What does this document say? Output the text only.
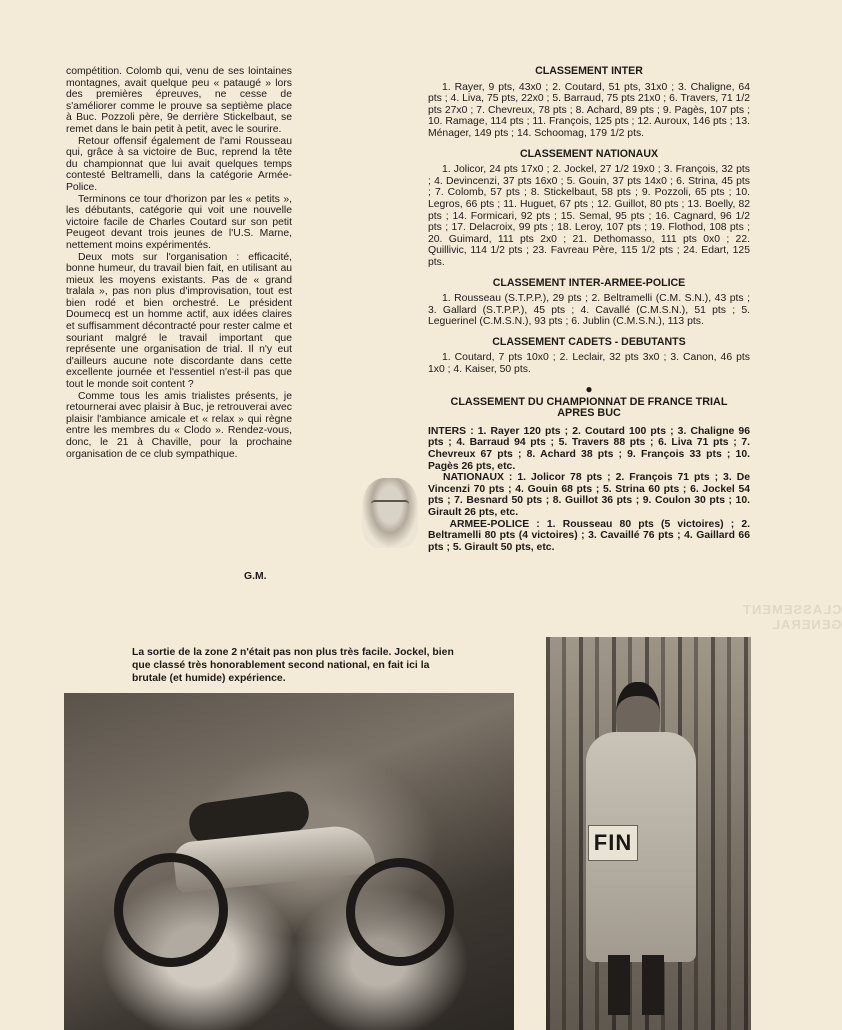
compétition. Colomb qui, venu de ses lointaines montagnes, avait quelque peu « pataugé » lors des premières épreuves, ne cesse de s'améliorer comme le prouve sa septième place à Buc. Pozzoli père, 9e derrière Stickelbaut, se remet dans le bain petit à petit, avec le sourire.

Retour offensif également de l'ami Rousseau qui, grâce à sa victoire de Buc, reprend la tête du championnat que lui avait quelques temps contesté Beltramelli, dans la catégorie Armée-Police.

Terminons ce tour d'horizon par les « petits », les débutants, catégorie qui voit une nouvelle victoire facile de Charles Coutard sur son petit Peugeot devant trois jeunes de l'U.S. Marne, nettement moins expérimentés.

Deux mots sur l'organisation : efficacité, bonne humeur, du travail bien fait, en utilisant au mieux les moyens existants. Pas de « grand tralala », pas non plus d'improvisation, tout est bien rodé et bien orchestré. Le président Doumecq est un homme actif, aux idées claires et suffisamment décontracté pour rester calme et souriant malgré le travail important que représente une organisation de trial. Il n'y eut d'ailleurs aucune note discordante dans cette excellente journée et l'essentiel n'est-il pas que tout le monde soit content ?

Comme tous les amis trialistes présents, je retournerai avec plaisir à Buc, je retrouverai avec plaisir l'ambiance amicale et « relax » qui règne entre les membres du « Clodo ». Rendez-vous, donc, le 21 à Chaville, pour la prochaine organisation de ce club sympathique.

G.M.
CLASSEMENT INTER
1. Rayer, 9 pts, 43x0 ; 2. Coutard, 51 pts, 31x0 ; 3. Chaligne, 64 pts ; 4. Liva, 75 pts, 22x0 ; 5. Barraud, 75 pts 21x0 ; 6. Travers, 71 1/2 pts 27x0 ; 7. Chevreux, 78 pts ; 8. Achard, 89 pts ; 9. Pagès, 107 pts ; 10. Ramage, 114 pts ; 11. François, 125 pts ; 12. Auroux, 146 pts ; 13. Ménager, 149 pts ; 14. Schoomag, 179 1/2 pts.
CLASSEMENT NATIONAUX
1. Jolicor, 24 pts 17x0 ; 2. Jockel, 27 1/2 19x0 ; 3. François, 32 pts ; 4. Devincenzi, 37 pts 16x0 ; 5. Gouin, 37 pts 14x0 ; 6. Strina, 45 pts ; 7. Colomb, 57 pts ; 8. Stickelbaut, 58 pts ; 9. Pozzoli, 65 pts ; 10. Legros, 66 pts ; 11. Huguet, 67 pts ; 12. Guillot, 80 pts ; 13. Boelly, 82 pts ; 14. Formicari, 92 pts ; 15. Semal, 95 pts ; 16. Cagnard, 96 1/2 pts ; 17. Delacroix, 99 pts ; 18. Leroy, 107 pts ; 19. Flothod, 108 pts ; 20. Guimard, 111 pts 2x0 ; 21. Dethomasso, 111 pts 0x0 ; 22. Quillivic, 114 1/2 pts ; 23. Favreau Père, 115 1/2 pts ; 24. Edart, 125 pts.
CLASSEMENT INTER-ARMEE-POLICE
1. Rousseau (S.T.P.P.), 29 pts ; 2. Beltramelli (C.M. S.N.), 43 pts ; 3. Gallard (S.T.P.P.), 45 pts ; 4. Cavallé (C.M.S.N.), 51 pts ; 5. Leguerinel (C.M.S.N.), 93 pts ; 6. Jublin (C.M.S.N.), 113 pts.
CLASSEMENT CADETS - DEBUTANTS
1. Coutard, 7 pts 10x0 ; 2. Leclair, 32 pts 3x0 ; 3. Canon, 46 pts 1x0 ; 4. Kaiser, 50 pts.
●
CLASSEMENT DU CHAMPIONNAT DE FRANCE TRIAL
APRES BUC

INTERS : 1. Rayer 120 pts ; 2. Coutard 100 pts ; 3. Chaligne 96 pts ; 4. Barraud 94 pts ; 5. Travers 88 pts ; 6. Liva 71 pts ; 7. Chevreux 67 pts ; 8. Achard 38 pts ; 9. François 33 pts ; 10. Pagès 26 pts, etc.

NATIONAUX : 1. Jolicor 78 pts ; 2. François 71 pts ; 3. De Vincenzi 70 pts ; 4. Gouin 68 pts ; 5. Strina 60 pts ; 6. Jockel 54 pts ; 7. Besnard 50 pts ; 8. Guillot 36 pts ; 9. Coulon 30 pts ; 10. Girault 26 pts, etc.

ARMEE-POLICE : 1. Rousseau 80 pts (5 victoires) ; 2. Beltramelli 80 pts (4 victoires) ; 3. Cavaillé 76 pts ; 4. Gaillard 66 pts ; 5. Girault 50 pts, etc.

CLASSEMENT GENERAL
La sortie de la zone 2 n'était pas non plus très facile. Jockel, bien que classé très honorablement second national, en fait ici la brutale (et humide) expérience.
FIN
